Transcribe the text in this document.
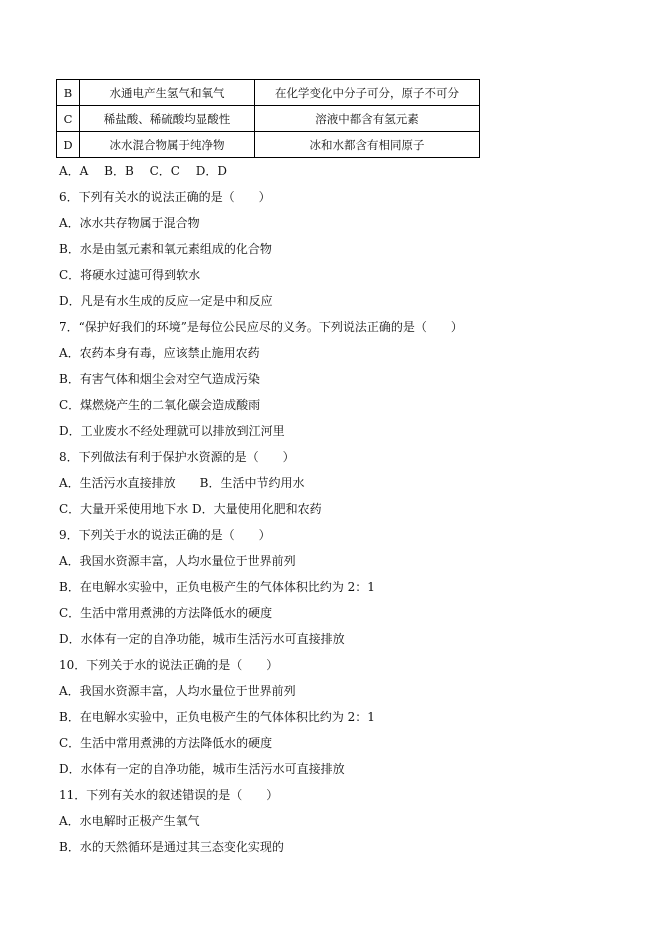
B	水通电产生氢气和氧气	在化学变化中分子可分，原子不可分
C	稀盐酸、稀硫酸均显酸性	溶液中都含有氢元素
D	冰水混合物属于纯净物	冰和水都含有相同原子
A．A　 B．B　 C．C　 D．D
6．下列有关水的说法正确的是（　　）
A．冰水共存物属于混合物
B．水是由氢元素和氧元素组成的化合物
C．将硬水过滤可得到软水
D．凡是有水生成的反应一定是中和反应
7．“保护好我们的环境”是每位公民应尽的义务。下列说法正确的是（　　）
A．农药本身有毒，应该禁止施用农药
B．有害气体和烟尘会对空气造成污染
C．煤燃烧产生的二氧化碳会造成酸雨
D．工业废水不经处理就可以排放到江河里
8．下列做法有利于保护水资源的是（　　）
A．生活污水直接排放　　B．生活中节约用水
C．大量开采使用地下水 D．大量使用化肥和农药
9．下列关于水的说法正确的是（　　）
A．我国水资源丰富，人均水量位于世界前列
B．在电解水实验中，正负电极产生的气体体积比约为 2：1
C．生活中常用煮沸的方法降低水的硬度
D．水体有一定的自净功能，城市生活污水可直接排放
10．下列关于水的说法正确的是（　　）
A．我国水资源丰富，人均水量位于世界前列
B．在电解水实验中，正负电极产生的气体体积比约为 2：1
C．生活中常用煮沸的方法降低水的硬度
D．水体有一定的自净功能，城市生活污水可直接排放
11．下列有关水的叙述错误的是（　　）
A．水电解时正极产生氧气
B．水的天然循环是通过其三态变化实现的
